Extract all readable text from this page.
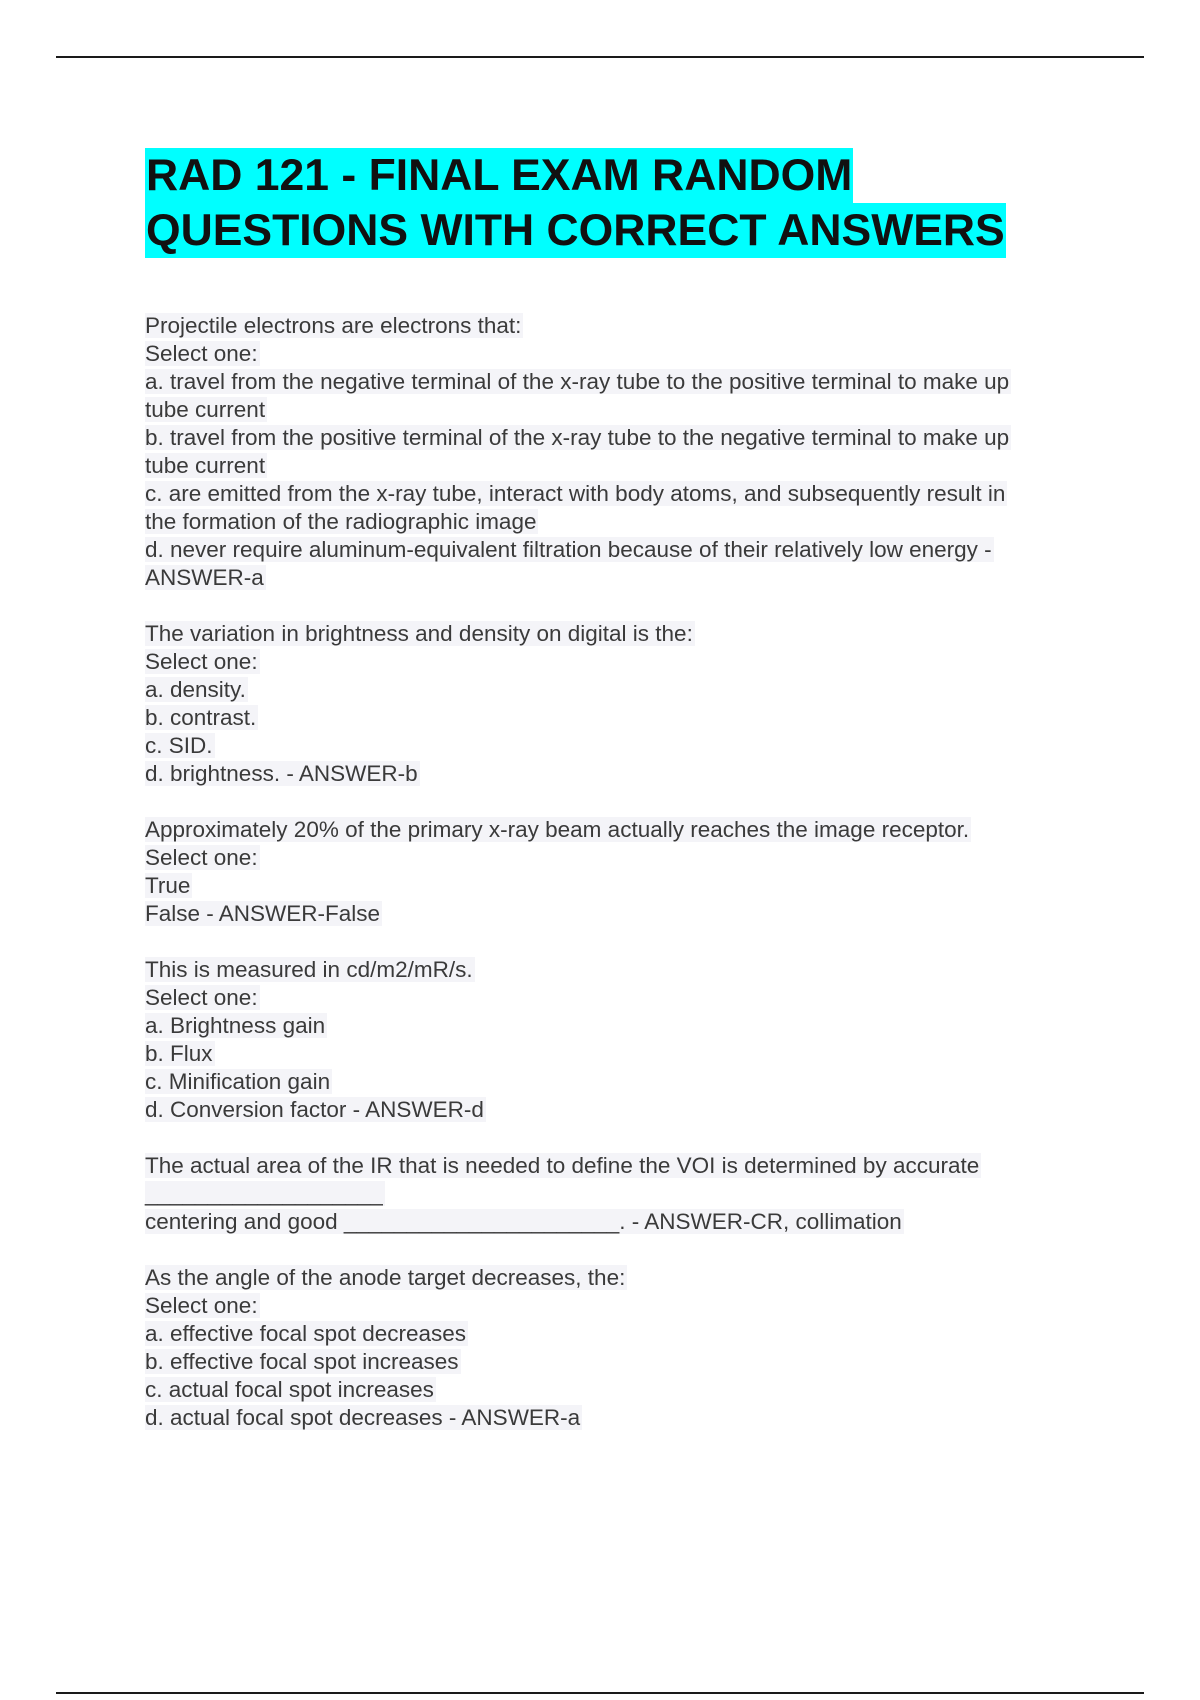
RAD 121 - FINAL EXAM RANDOM
QUESTIONS WITH CORRECT ANSWERS
Projectile electrons are electrons that:
Select one:
a. travel from the negative terminal of the x-ray tube to the positive terminal to make up
tube current
b. travel from the positive terminal of the x-ray tube to the negative terminal to make up
tube current
c. are emitted from the x-ray tube, interact with body atoms, and subsequently result in
the formation of the radiographic image
d. never require aluminum-equivalent filtration because of their relatively low energy -
ANSWER-a
The variation in brightness and density on digital is the:
Select one:
a. density.
b. contrast.
c. SID.
d. brightness. - ANSWER-b
Approximately 20% of the primary x-ray beam actually reaches the image receptor.
Select one:
True
False - ANSWER-False
This is measured in cd/m2/mR/s.
Select one:
a. Brightness gain
b. Flux
c. Minification gain
d. Conversion factor - ANSWER-d
The actual area of the IR that is needed to define the VOI is determined by accurate
___________________
centering and good ______________________. - ANSWER-CR, collimation
As the angle of the anode target decreases, the:
Select one:
a. effective focal spot decreases
b. effective focal spot increases
c. actual focal spot increases
d. actual focal spot decreases - ANSWER-a
